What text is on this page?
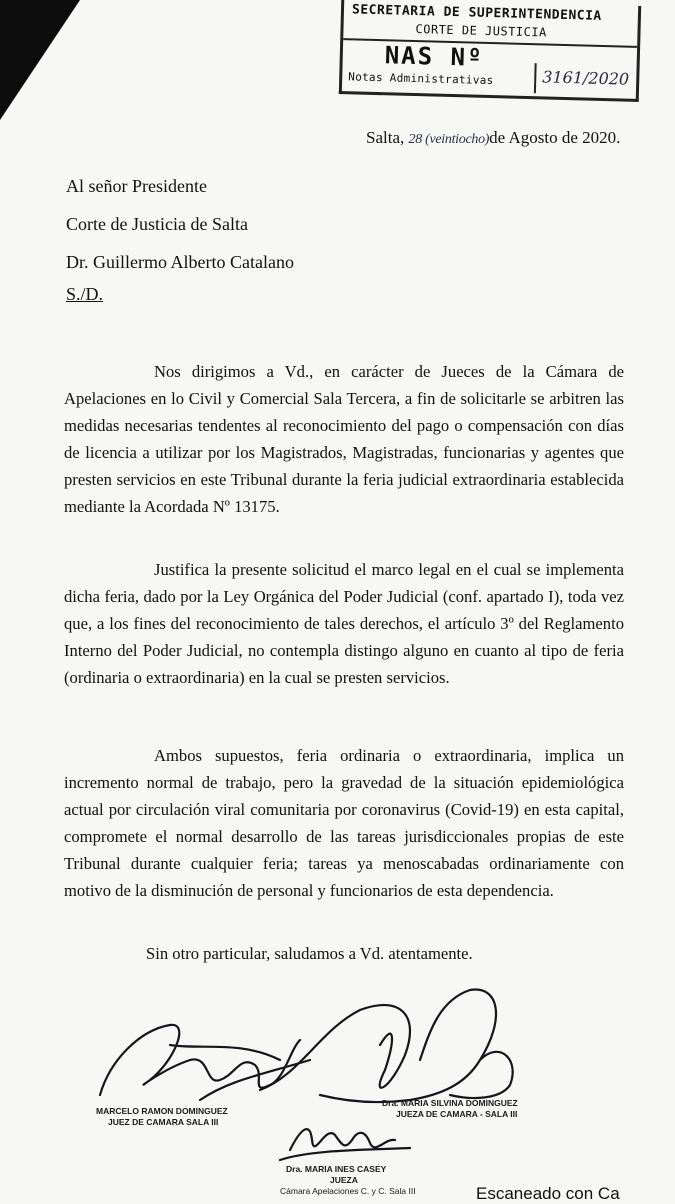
SECRETARIA DE SUPERINTENDENCIA
CORTE DE JUSTICIA
NAS Nº
Notas Administrativas	3161/2020
Salta, 28 (veintiocho)de Agosto de 2020.
Al señor Presidente
Corte de Justicia de Salta
Dr. Guillermo Alberto Catalano
S./D.
Nos dirigimos a Vd., en carácter de Jueces de la Cámara de Apelaciones en lo Civil y Comercial Sala Tercera, a fin de solicitarle se arbitren las medidas necesarias tendentes al reconocimiento del pago o compensación con días de licencia a utilizar por los Magistrados, Magistradas, funcionarias y agentes que presten servicios en este Tribunal durante la feria judicial extraordinaria establecida mediante la Acordada Nº 13175.
Justifica la presente solicitud el marco legal en el cual se implementa dicha feria, dado por la Ley Orgánica del Poder Judicial (conf. apartado I), toda vez que, a los fines del reconocimiento de tales derechos, el artículo 3º del Reglamento Interno del Poder Judicial, no contempla distingo alguno en cuanto al tipo de feria (ordinaria o extraordinaria) en la cual se presten servicios.
Ambos supuestos, feria ordinaria o extraordinaria, implica un incremento normal de trabajo, pero la gravedad de la situación epidemiológica actual por circulación viral comunitaria por coronavirus (Covid-19) en esta capital, compromete el normal desarrollo de las tareas jurisdiccionales propias de este Tribunal durante cualquier feria; tareas ya menoscabadas ordinariamente con motivo de la disminución de personal y funcionarios de esta dependencia.
Sin otro particular, saludamos a Vd. atentamente.
MARCELO RAMON DOMINGUEZ
JUEZ DE CAMARA SALA III
Dra. MARIA SILVINA DOMINGUEZ
JUEZA DE CAMARA - SALA III
Dra. MARIA INES CASEY
JUEZA
Cámara Apelaciones C. y C. Sala III	Escaneado con Ca
